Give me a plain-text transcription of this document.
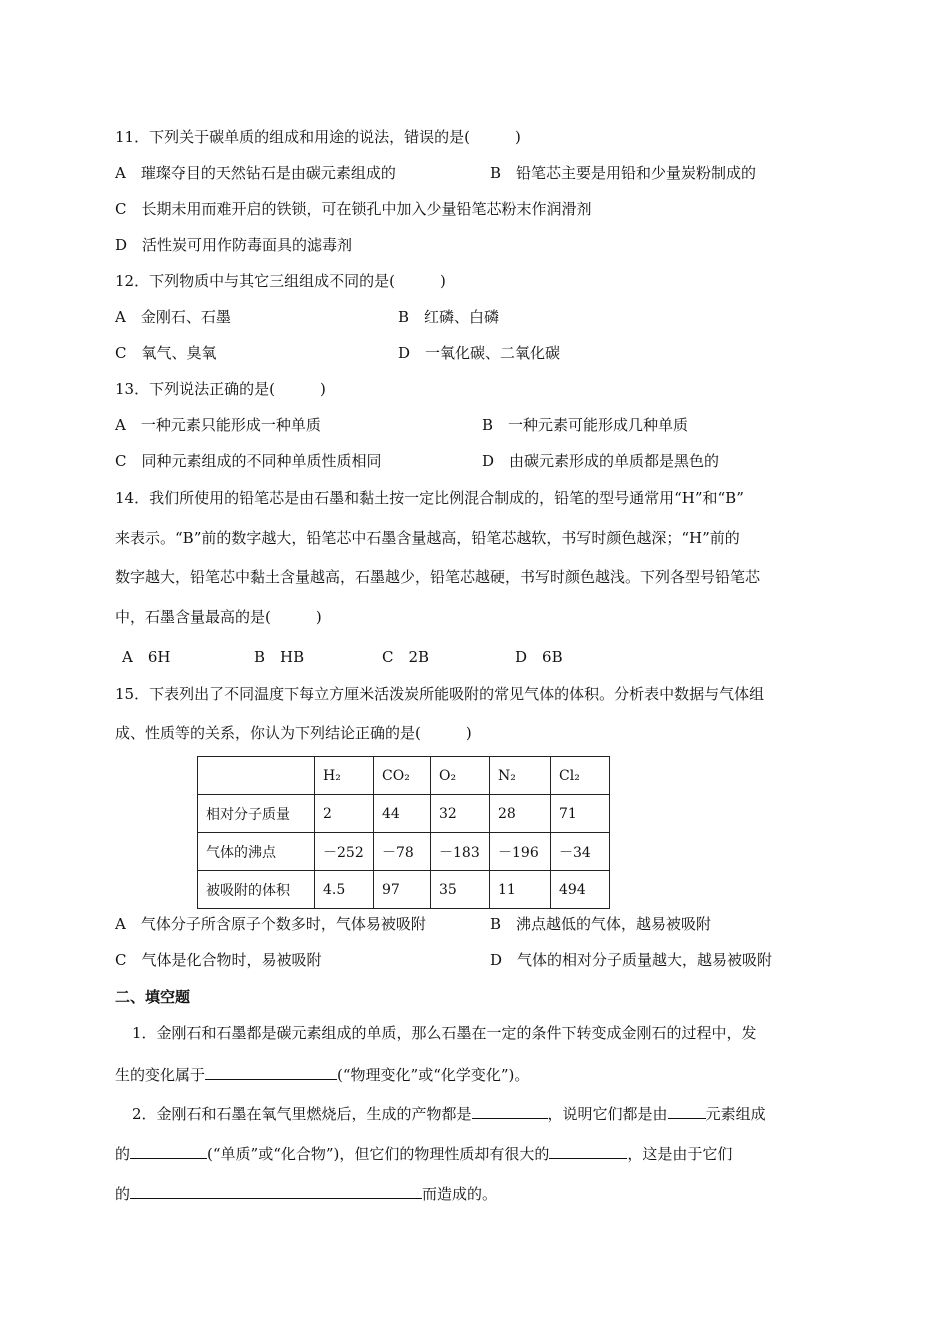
11．下列关于碳单质的组成和用途的说法，错误的是(　　　)
A　璀璨夺目的天然钻石是由碳元素组成的	B　铅笔芯主要是用铅和少量炭粉制成的
C　长期未用而难开启的铁锁，可在锁孔中加入少量铅笔芯粉末作润滑剂
D　活性炭可用作防毒面具的滤毒剂
12．下列物质中与其它三组组成不同的是(　　　)
A　金刚石、石墨	B　红磷、白磷
C　氧气、臭氧	D　一氧化碳、二氧化碳
13．下列说法正确的是(　　　)
A　一种元素只能形成一种单质	B　一种元素可能形成几种单质
C　同种元素组成的不同种单质性质相同	D　由碳元素形成的单质都是黑色的
14．我们所使用的铅笔芯是由石墨和黏土按一定比例混合制成的，铅笔的型号通常用“H”和“B”
来表示。“B”前的数字越大，铅笔芯中石墨含量越高，铅笔芯越软，书写时颜色越深；“H”前的
数字越大，铅笔芯中黏土含量越高，石墨越少，铅笔芯越硬，书写时颜色越浅。下列各型号铅笔芯
中，石墨含量最高的是(　　　)
A　6H	B　HB	C　2B	D　6B
15．下表列出了不同温度下每立方厘米活泼炭所能吸附的常见气体的体积。分析表中数据与气体组
成、性质等的关系，你认为下列结论正确的是(　　　)
	H₂	CO₂	O₂	N₂	Cl₂
相对分子质量	2	44	32	28	71
气体的沸点	－252	－78	－183	－196	－34
被吸附的体积	4.5	97	35	11	494
A　气体分子所含原子个数多时，气体易被吸附	B　沸点越低的气体，越易被吸附
C　气体是化合物时，易被吸附	D　气体的相对分子质量越大，越易被吸附
二、填空题
1．金刚石和石墨都是碳元素组成的单质，那么石墨在一定的条件下转变成金刚石的过程中，发
生的变化属于	(“物理变化”或“化学变化”)。
2．金刚石和石墨在氧气里燃烧后，生成的产物都是	，说明它们都是由	元素组成
的	(“单质”或“化合物”)，但它们的物理性质却有很大的	，这是由于它们
的	而造成的。
